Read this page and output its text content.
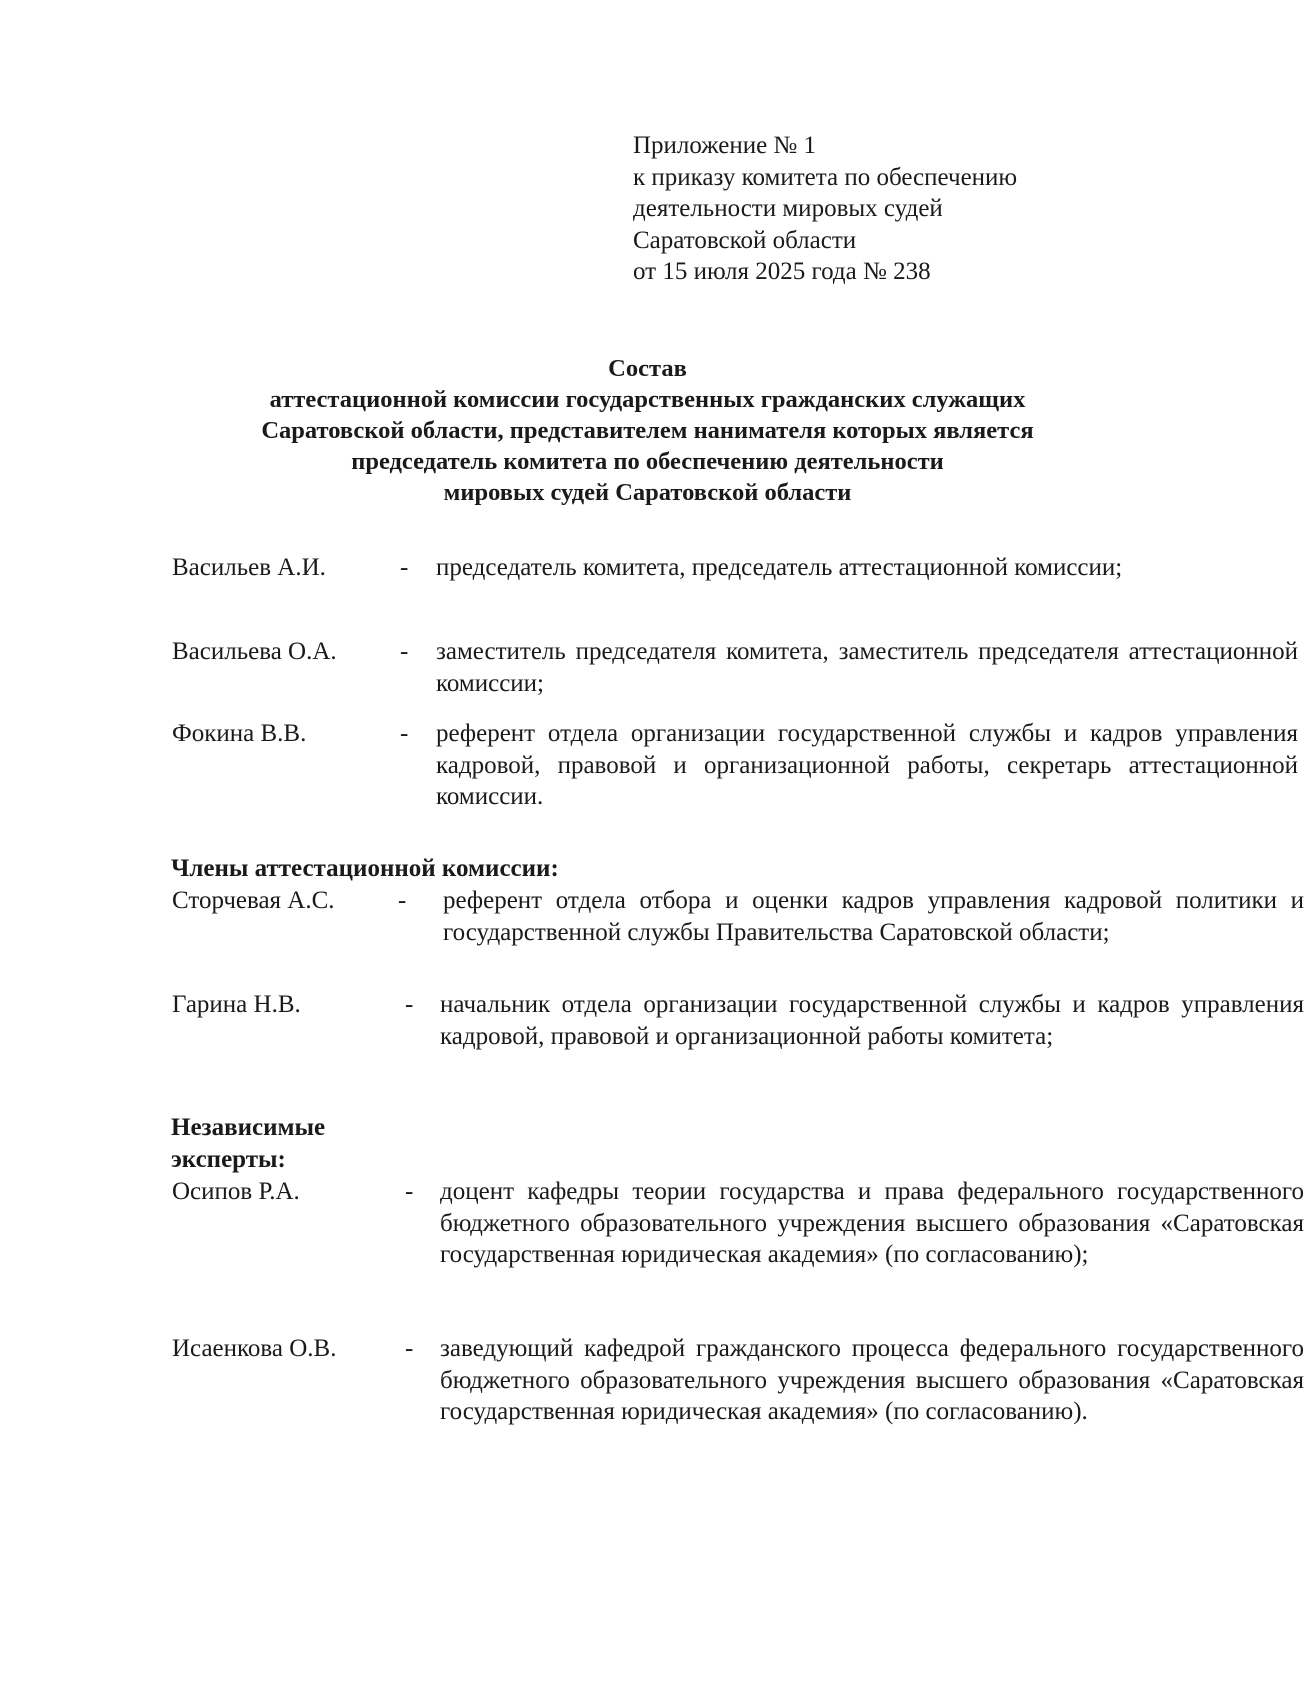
Приложение № 1
к приказу комитета по обеспечению
деятельности мировых судей
Саратовской области
от 15 июля 2025 года № 238
Состав
аттестационной комиссии государственных гражданских служащих
Саратовской области, представителем нанимателя которых является
председатель комитета по обеспечению деятельности
мировых судей Саратовской области
Васильев А.И.	- председатель комитета, председатель аттестационной комиссии;
Васильева О.А.	- заместитель председателя комитета, заместитель председателя аттестационной комиссии;
Фокина В.В.	- референт отдела организации государственной службы и кадров управления кадровой, правовой и организационной работы, секретарь аттестационной комиссии.
Члены аттестационной комиссии:
Сторчевая А.С.	- референт отдела отбора и оценки кадров управления кадровой политики и государственной службы Правительства Саратовской области;
Гарина Н.В.	- начальник отдела организации государственной службы и кадров управления кадровой, правовой и организационной работы комитета;
Независимые
эксперты:
Осипов Р.А.	- доцент кафедры теории государства и права федерального государственного бюджетного образовательного учреждения высшего образования «Саратовская государственная юридическая академия» (по согласованию);
Исаенкова О.В.	- заведующий кафедрой гражданского процесса федерального государственного бюджетного образовательного учреждения высшего образования «Саратовская государственная юридическая академия» (по согласованию).
